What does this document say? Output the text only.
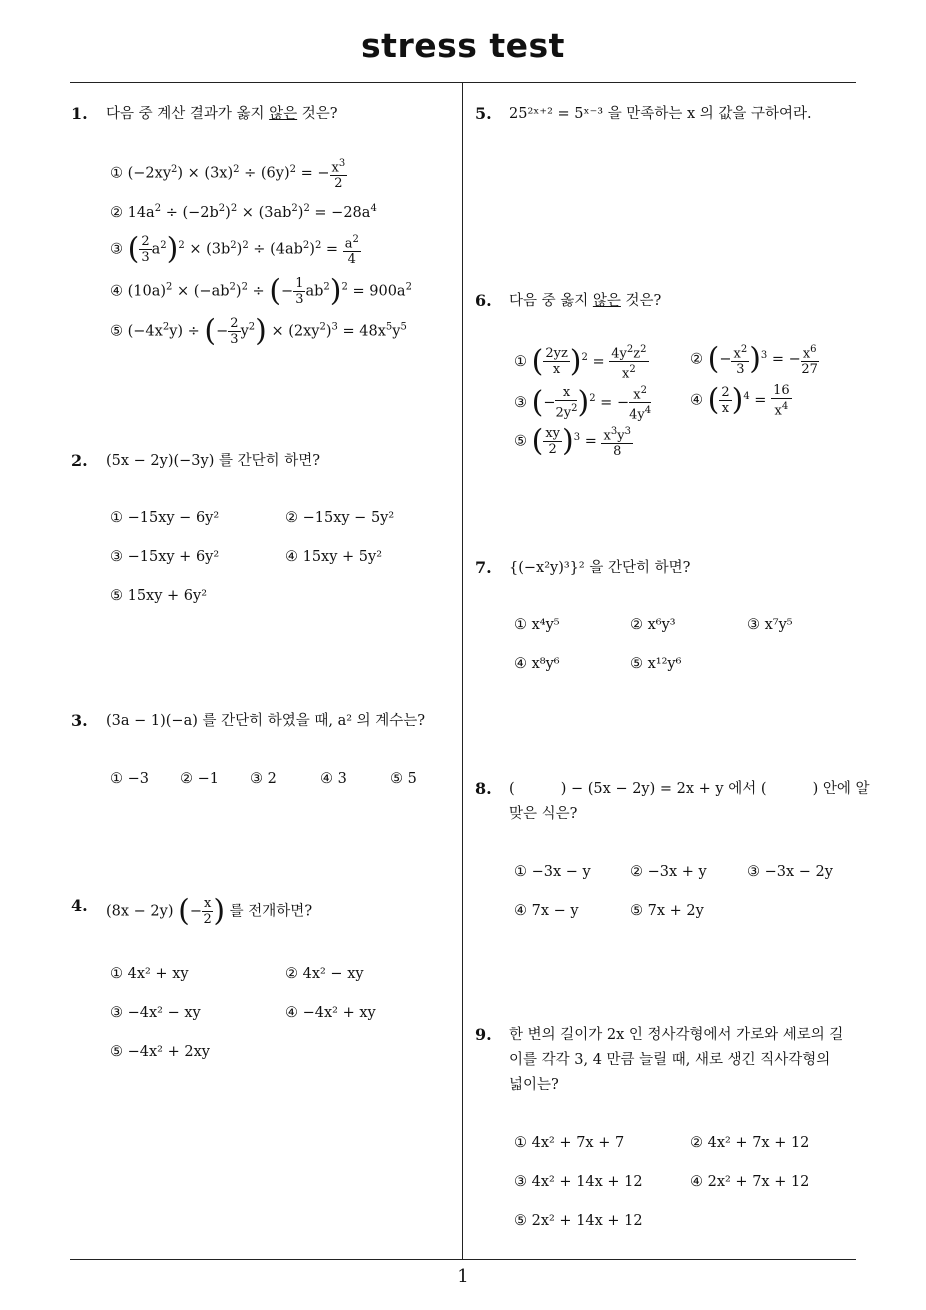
stress test
1. 다음 중 계산 결과가 옳지 않은 것은?
① $(-2xy^2) \times (3x)^2 \div (6y)^2$ = − $\frac{x^3}{2}$
② $14a^2 \div (-2b^2)^2 \times (3ab^2)^2 = -28a^4$
③ ( $\frac{2}{3} a^2)^2 \times (3b^2)^2 \div (4ab^2)^2 = \frac{a^2}{4}$
④ $(10a)^2 \times (-ab^2)^2$ ÷ (− $\frac{1}{3} ab^2)^2 = 900a^2$
⑤ $(-4x^2y)$ ÷ (− $\frac{2}{3} y^2) \times (2xy^2)^3 = 48x^5y^5$
2. (5x − 2y)(−3y) 를 간단히 하면?
① −15xy − 6y²	② −15xy − 5y²
③ −15xy + 6y²	④ 15xy + 5y²
⑤ 15xy + 6y²
3. (3a − 1)(−a) 를 간단히 하였을 때, a² 의 계수는?
① −3 ② −1 ③ 2	④ 3	⑤ 5
4. (8x − 2y) (− $\frac{x}{2}$ ) 를 전개하면?
① 4x² + xy	② 4x² − xy
③ −4x² − xy	④ −4x² + xy
⑤ −4x² + 2xy
5. 25²ˣ⁺² = 5ˣ⁻³ 을 만족하는 x 의 값을 구하여라.
6. 다음 중 옳지 않은 것은?
① ( $\frac{2yz}{x} )^2 = \frac{4y^2z^2}{x^2}$	② (− $\frac{x^2}{3} )^3$ = − $\frac{x^6}{27}$
③ (− $\frac{x}{2y^2} )^2$ = − $\frac{x^2}{4y^4}$	④ ( $\frac{2}{x} )^4 = \frac{16}{x^4}$
⑤ ( $\frac{xy}{2} )^3 = \frac{x^3y^3}{8}$
7. {(−x²y)³}² 을 간단히 하면?
① x⁴y⁵	② x⁶y³	③ x⁷y⁵
④ x⁸y⁶	⑤ x¹²y⁶
8. (          ) − (5x − 2y) = 2x + y 에서 (          ) 안에 알
맞은 식은?
① −3x − y	② −3x + y	③ −3x − 2y
④ 7x − y	⑤ 7x + 2y
9. 한 변의 길이가 2x 인 정사각형에서 가로와 세로의 길
이를 각각 3, 4 만큼 늘릴 때, 새로 생긴 직사각형의
넓이는?
① 4x² + 7x + 7	② 4x² + 7x + 12
③ 4x² + 14x + 12	④ 2x² + 7x + 12
⑤ 2x² + 14x + 12
1
